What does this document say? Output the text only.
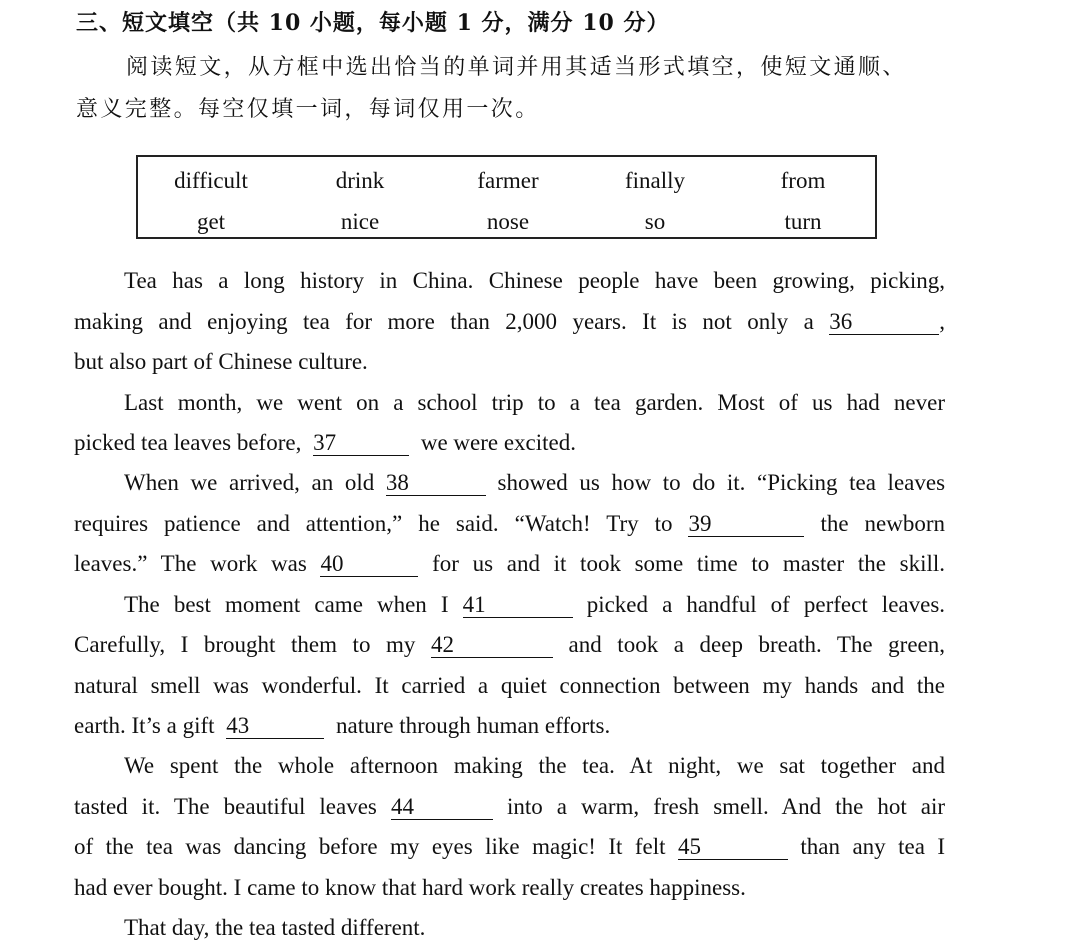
三、短文填空（共 10 小题，每小题 1 分，满分 10 分）
阅读短文，从方框中选出恰当的单词并用其适当形式填空，使短文通顺、
意义完整。每空仅填一词，每词仅用一次。
difficult	drink	farmer	finally	from
get	nice	nose	so	turn
Tea has a long history in China. Chinese people have been growing, picking,
making and enjoying tea for more than 2,000 years. It is not only a 36	,
but also part of Chinese culture.
Last month, we went on a school trip to a tea garden. Most of us had never
picked tea leaves before, 37	we were excited.
When we arrived, an old 38	showed us how to do it. “Picking tea leaves
requires patience and attention,” he said. “Watch! Try to 39	the newborn
leaves.” The work was 40	for us and it took some time to master the skill.
The best moment came when I 41	picked a handful of perfect leaves.
Carefully, I brought them to my 42	and took a deep breath. The green,
natural smell was wonderful. It carried a quiet connection between my hands and the
earth. It’s a gift 43	nature through human efforts.
We spent the whole afternoon making the tea. At night, we sat together and
tasted it. The beautiful leaves 44	into a warm, fresh smell. And the hot air
of the tea was dancing before my eyes like magic! It felt 45	than any tea I
had ever bought. I came to know that hard work really creates happiness.
That day, the tea tasted different.
